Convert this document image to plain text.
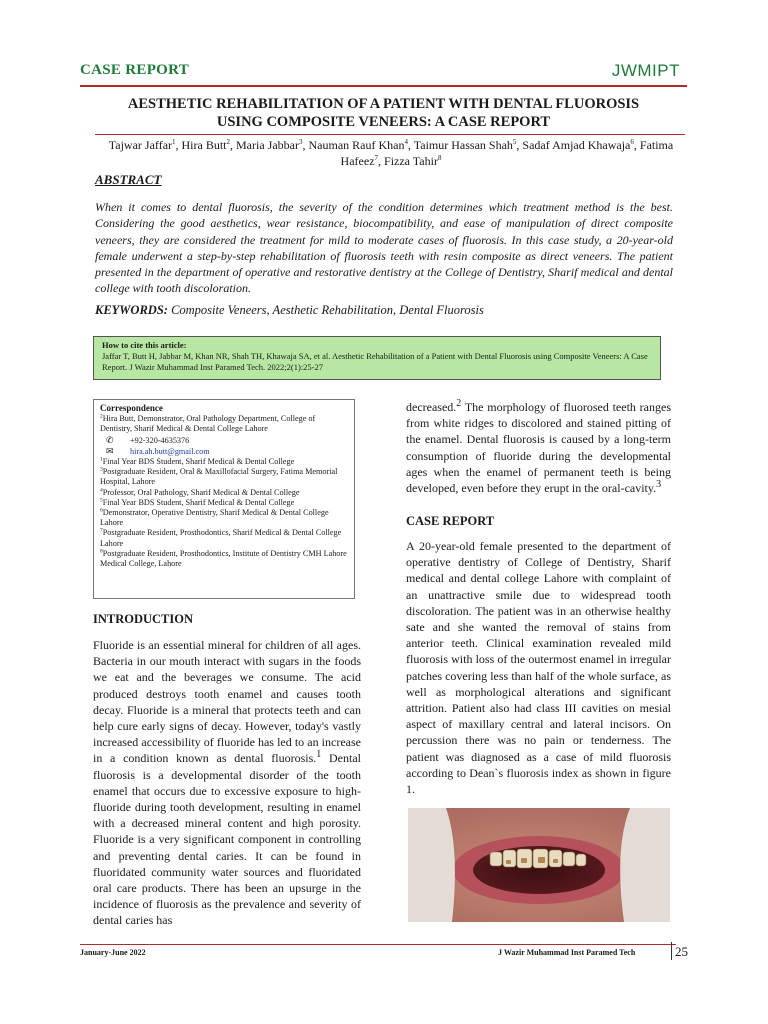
CASE REPORT	JWMIPT
AESTHETIC REHABILITATION OF A PATIENT WITH DENTAL FLUOROSIS
USING COMPOSITE VENEERS: A CASE REPORT
Tajwar Jaffar$^1$, Hira Butt$^2$, Maria Jabbar$^3$, Nauman Rauf Khan$^4$, Taimur Hassan Shah$^5$, Sadaf Amjad Khawaja$^6$, Fatima Hafeez$^7$, Fizza Tahir$^8$
ABSTRACT
When it comes to dental fluorosis, the severity of the condition determines which treatment method is the best. Considering the good aesthetics, wear resistance, biocompatibility, and ease of manipulation of direct composite veneers, they are considered the treatment for mild to moderate cases of fluorosis. In this case study, a 20-year-old female underwent a step-by-step rehabilitation of fluorosis teeth with resin composite as direct veneers. The patient presented in the department of operative and restorative dentistry at the College of Dentistry, Sharif medical and dental college with tooth discoloration.
KEYWORDS: Composite Veneers, Aesthetic Rehabilitation, Dental Fluorosis
How to cite this article:
Jaffar T, Butt H, Jabbar M, Khan NR, Shah TH, Khawaja SA, et al. Aesthetic Rehabilitation of a Patient with Dental Fluorosis using Composite Veneers: A Case Report. J Wazir Muhammad Inst Paramed Tech. 2022;2(1):25-27
Correspondence
$^2$Hira Butt, Demonstrator, Oral Pathology Department, College of Dentistry, Sharif Medical & Dental College Lahore
✆ +92-320-4635376
✉ hira.ah.butt@gmail.com
$^1$Final Year BDS Student, Sharif Medical & Dental College
$^3$Postgraduate Resident, Oral & Maxillofacial Surgery, Fatima Memorial Hospital, Lahore
$^4$Professor, Oral Pathology, Sharif Medical & Dental College
$^5$Final Year BDS Student, Sharif Medical & Dental College
$^6$Demonstrator, Operative Dentistry, Sharif Medical & Dental College Lahore
$^7$Postgraduate Resident, Prosthodontics, Sharif Medical & Dental College Lahore
$^8$Postgraduate Resident, Prosthodontics, Institute of Dentistry CMH Lahore Medical College, Lahore
INTRODUCTION
Fluoride is an essential mineral for children of all ages. Bacteria in our mouth interact with sugars in the foods we eat and the beverages we consume. The acid produced destroys tooth enamel and causes tooth decay. Fluoride is a mineral that protects teeth and can help cure early signs of decay. However, today's vastly increased accessibility of fluoride has led to an increase in a condition known as dental fluorosis.$^1$ Dental fluorosis is a developmental disorder of the tooth enamel that occurs due to excessive exposure to high-fluoride during tooth development, resulting in enamel with a decreased mineral content and high porosity. Fluoride is a very significant component in controlling and preventing dental caries. It can be found in fluoridated community water sources and fluoridated oral care products. There has been an upsurge in the incidence of fluorosis as the prevalence and severity of dental caries has
decreased.$^2$ The morphology of fluorosed teeth ranges from white ridges to discolored and stained pitting of the enamel. Dental fluorosis is caused by a long-term consumption of fluoride during the developmental ages when the enamel of permanent teeth is being developed, even before they erupt in the oral-cavity.$^3$
CASE REPORT
A 20-year-old female presented to the department of operative dentistry of College of Dentistry, Sharif medical and dental college Lahore with complaint of an unattractive smile due to widespread tooth discoloration. The patient was in an otherwise healthy sate and she wanted the removal of stains from anterior teeth. Clinical examination revealed mild fluorosis with loss of the outermost enamel in irregular patches covering less than half of the whole surface, as well as morphological alterations and significant attrition. Patient also had class III cavities on mesial aspect of maxillary central and lateral incisors. On percussion there was no pain or tenderness. The patient was diagnosed as a case of mild fluorosis according to Dean`s fluorosis index as shown in figure 1.
January-June 2022	J Wazir Muhammad Inst Paramed Tech	25
